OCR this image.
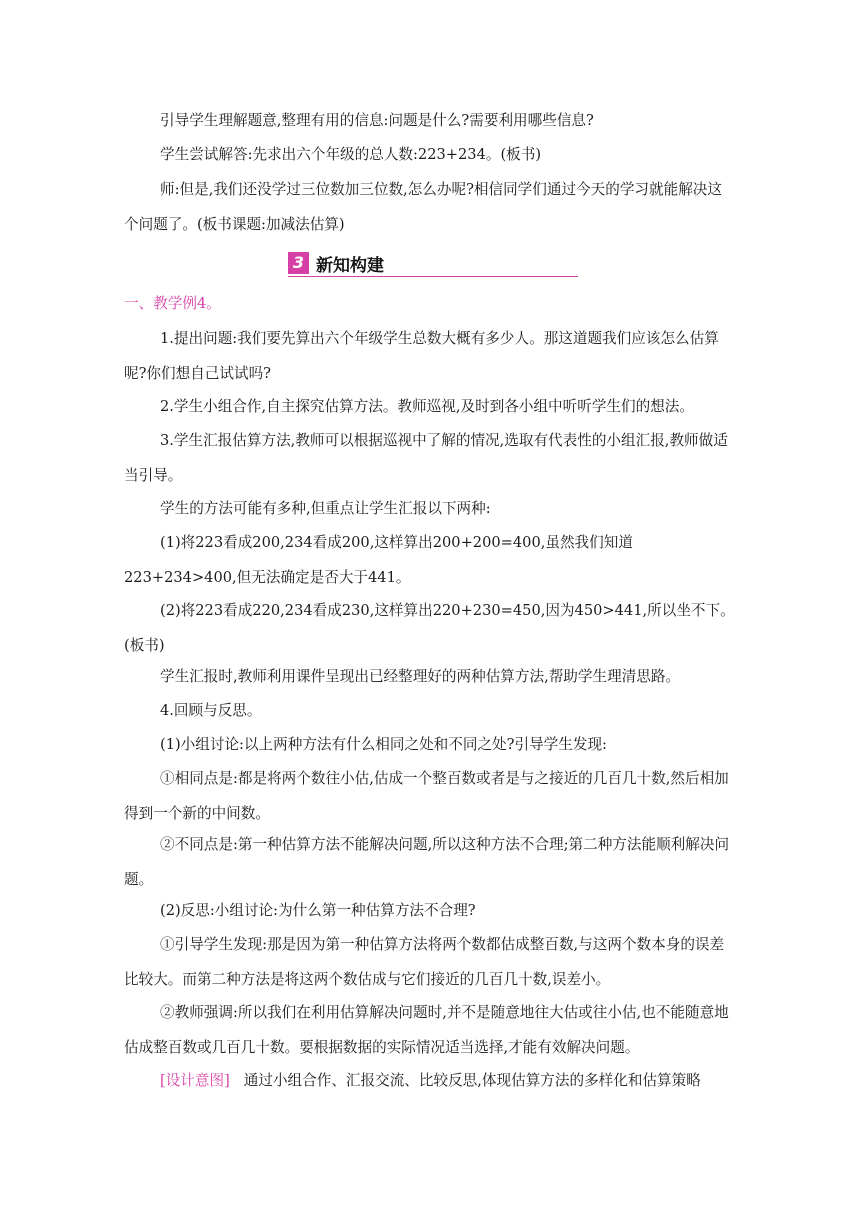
引导学生理解题意,整理有用的信息:问题是什么?需要利用哪些信息?

学生尝试解答:先求出六个年级的总人数:223+234。(板书)

师:但是,我们还没学过三位数加三位数,怎么办呢?相信同学们通过今天的学习就能解决这个问题了。(板书课题:加减法估算)

3 新知构建

一、教学例4。

1.提出问题:我们要先算出六个年级学生总数大概有多少人。那这道题我们应该怎么估算呢?你们想自己试试吗?

2.学生小组合作,自主探究估算方法。教师巡视,及时到各小组中听听学生们的想法。

3.学生汇报估算方法,教师可以根据巡视中了解的情况,选取有代表性的小组汇报,教师做适当引导。

学生的方法可能有多种,但重点让学生汇报以下两种:

(1)将223看成200,234看成200,这样算出200+200=400,虽然我们知道223+234>400,但无法确定是否大于441。

(2)将223看成220,234看成230,这样算出220+230=450,因为450>441,所以坐不下。(板书)

学生汇报时,教师利用课件呈现出已经整理好的两种估算方法,帮助学生理清思路。

4.回顾与反思。

(1)小组讨论:以上两种方法有什么相同之处和不同之处?引导学生发现:

①相同点是:都是将两个数往小估,估成一个整百数或者是与之接近的几百几十数,然后相加得到一个新的中间数。

②不同点是:第一种估算方法不能解决问题,所以这种方法不合理;第二种方法能顺利解决问题。

(2)反思:小组讨论:为什么第一种估算方法不合理?

①引导学生发现:那是因为第一种估算方法将两个数都估成整百数,与这两个数本身的误差比较大。而第二种方法是将这两个数估成与它们接近的几百几十数,误差小。

②教师强调:所以我们在利用估算解决问题时,并不是随意地往大估或往小估,也不能随意地估成整百数或几百几十数。要根据数据的实际情况适当选择,才能有效解决问题。

[设计意图] 通过小组合作、汇报交流、比较反思,体现估算方法的多样化和估算策略
